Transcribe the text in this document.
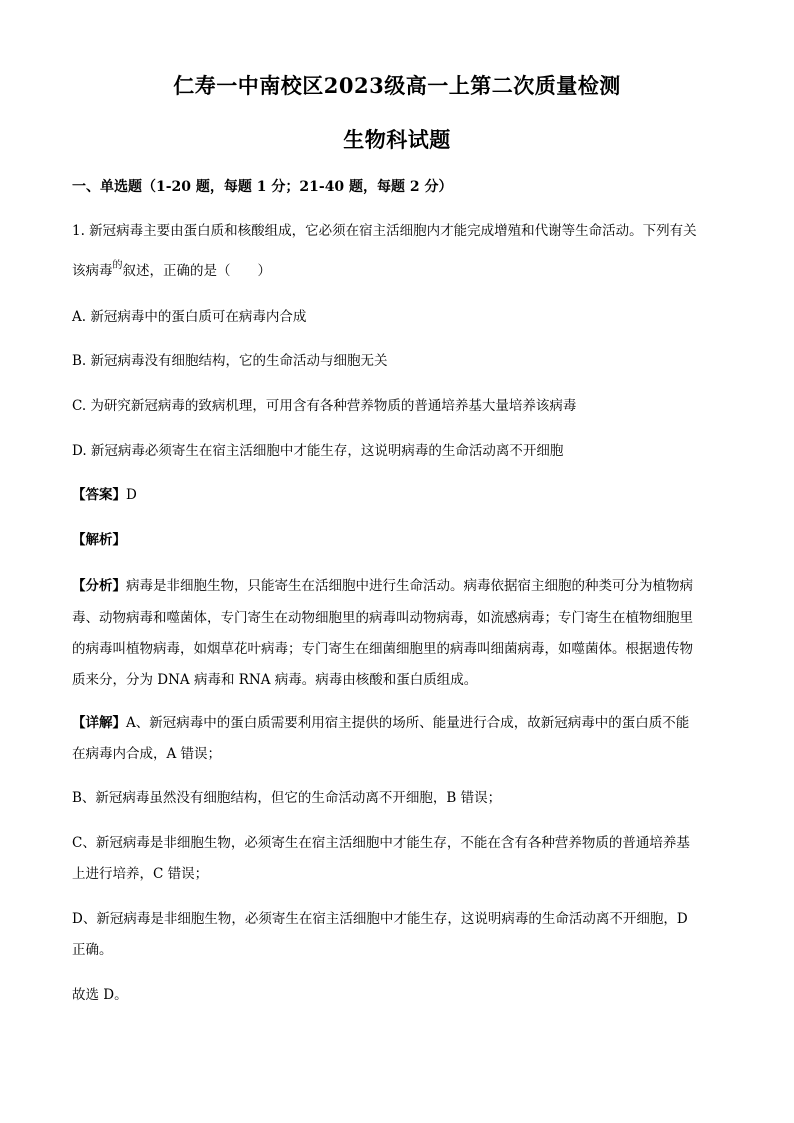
仁寿一中南校区2023级高一上第二次质量检测
生物科试题
一、单选题（1-20 题，每题 1 分；21-40 题，每题 2 分）
1. 新冠病毒主要由蛋白质和核酸组成，它必须在宿主活细胞内才能完成增殖和代谢等生命活动。下列有关
该病毒$^的$叙述，正确的是（　　）
A. 新冠病毒中的蛋白质可在病毒内合成
B. 新冠病毒没有细胞结构，它的生命活动与细胞无关
C. 为研究新冠病毒的致病机理，可用含有各种营养物质的普通培养基大量培养该病毒
D. 新冠病毒必须寄生在宿主活细胞中才能生存，这说明病毒的生命活动离不开细胞
【答案】D
【解析】
【分析】病毒是非细胞生物，只能寄生在活细胞中进行生命活动。病毒依据宿主细胞的种类可分为植物病
毒、动物病毒和噬菌体，专门寄生在动物细胞里的病毒叫动物病毒，如流感病毒；专门寄生在植物细胞里
的病毒叫植物病毒，如烟草花叶病毒；专门寄生在细菌细胞里的病毒叫细菌病毒，如噬菌体。根据遗传物
质来分，分为 DNA 病毒和 RNA 病毒。病毒由核酸和蛋白质组成。
【详解】A、新冠病毒中的蛋白质需要利用宿主提供的场所、能量进行合成，故新冠病毒中的蛋白质不能
在病毒内合成，A 错误；
B、新冠病毒虽然没有细胞结构，但它的生命活动离不开细胞，B 错误；
C、新冠病毒是非细胞生物，必须寄生在宿主活细胞中才能生存，不能在含有各种营养物质的普通培养基
上进行培养，C 错误；
D、新冠病毒是非细胞生物，必须寄生在宿主活细胞中才能生存，这说明病毒的生命活动离不开细胞，D
正确。
故选 D。
